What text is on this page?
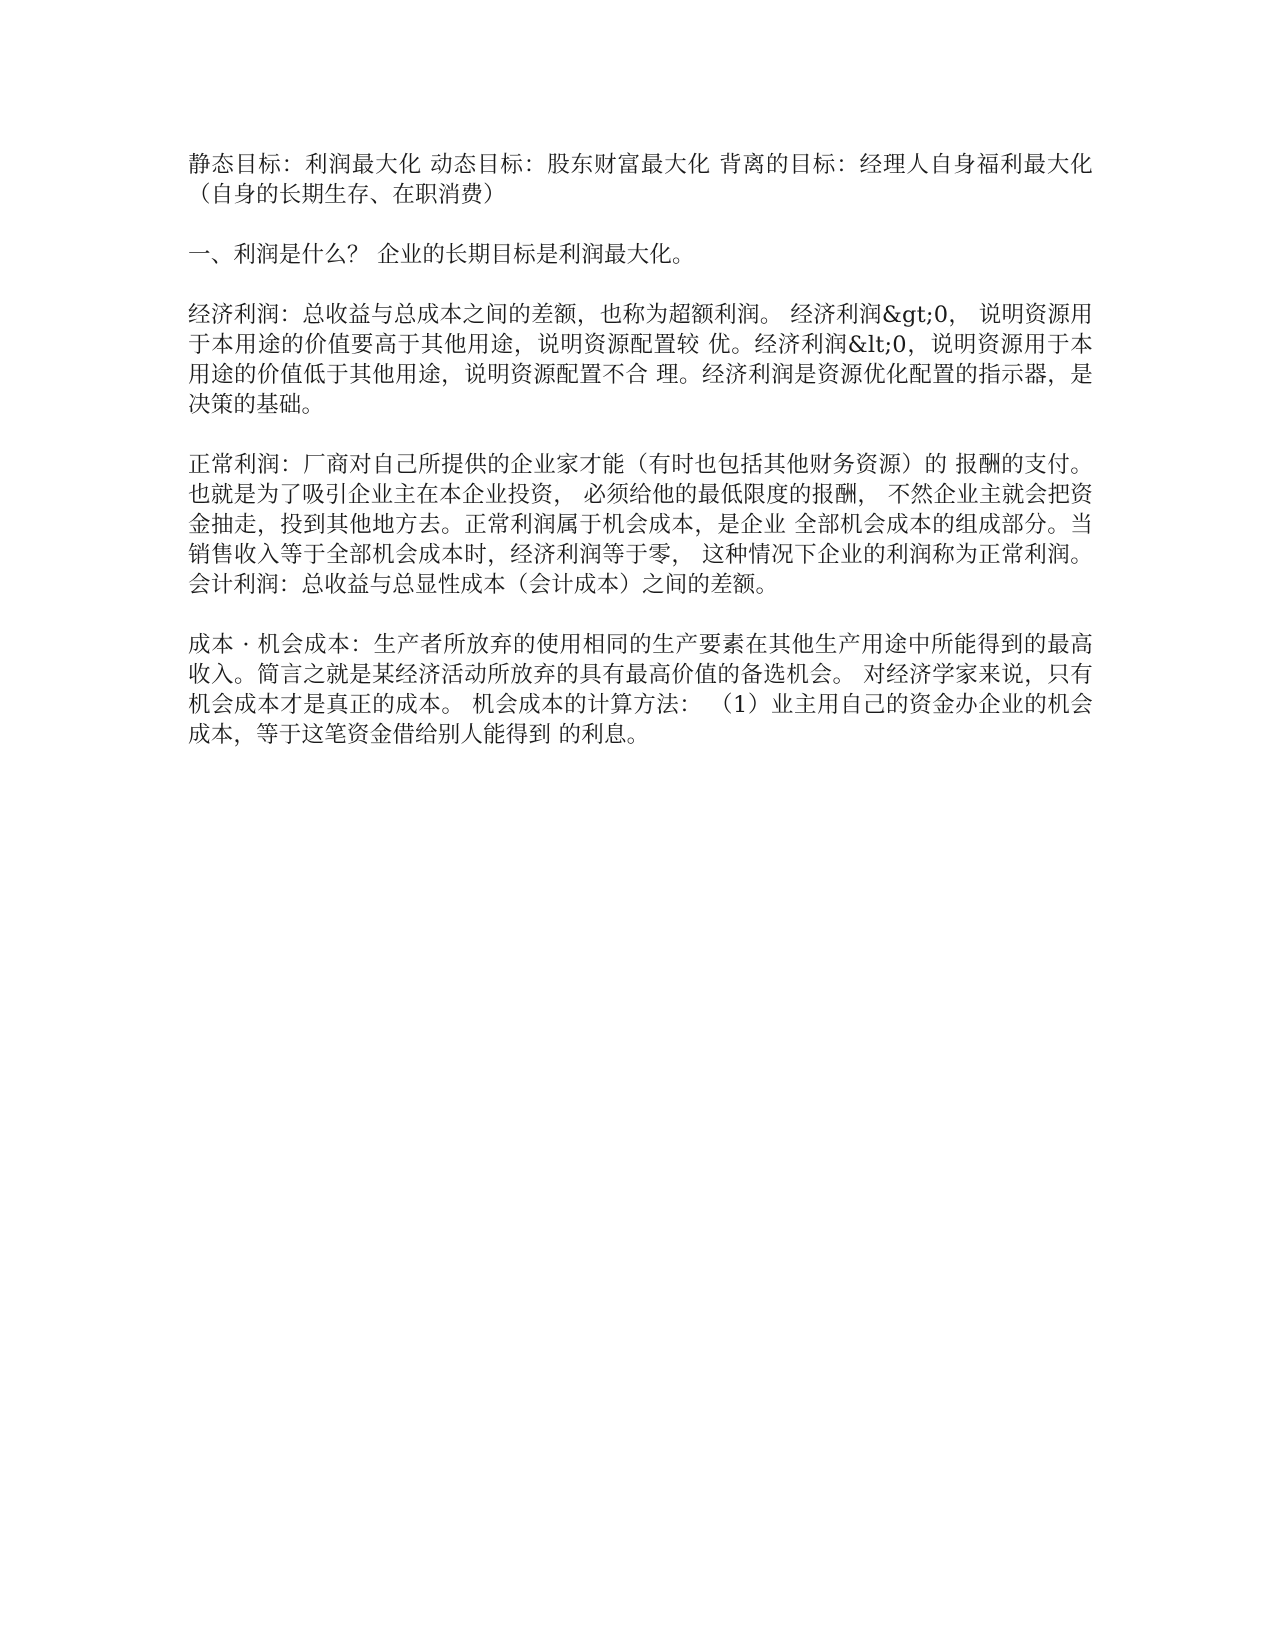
静态目标：利润最大化 动态目标：股东财富最大化 背离的目标：经理人自身福利最大化（自身的长期生存、在职消费）

一、利润是什么？ 企业的长期目标是利润最大化。

经济利润：总收益与总成本之间的差额，也称为超额利润。 经济利润&gt;0， 说明资源用于本用途的价值要高于其他用途，说明资源配置较 优。经济利润&lt;0，说明资源用于本用途的价值低于其他用途，说明资源配置不合 理。经济利润是资源优化配置的指示器，是决策的基础。

正常利润：厂商对自己所提供的企业家才能（有时也包括其他财务资源）的 报酬的支付。 也就是为了吸引企业主在本企业投资， 必须给他的最低限度的报酬， 不然企业主就会把资金抽走，投到其他地方去。正常利润属于机会成本，是企业 全部机会成本的组成部分。当销售收入等于全部机会成本时，经济利润等于零， 这种情况下企业的利润称为正常利润。 会计利润：总收益与总显性成本（会计成本）之间的差额。

成本 · 机会成本：生产者所放弃的使用相同的生产要素在其他生产用途中所能得到的最高收入。简言之就是某经济活动所放弃的具有最高价值的备选机会。 对经济学家来说，只有机会成本才是真正的成本。 机会成本的计算方法： （1）业主用自己的资金办企业的机会成本，等于这笔资金借给别人能得到 的利息。
